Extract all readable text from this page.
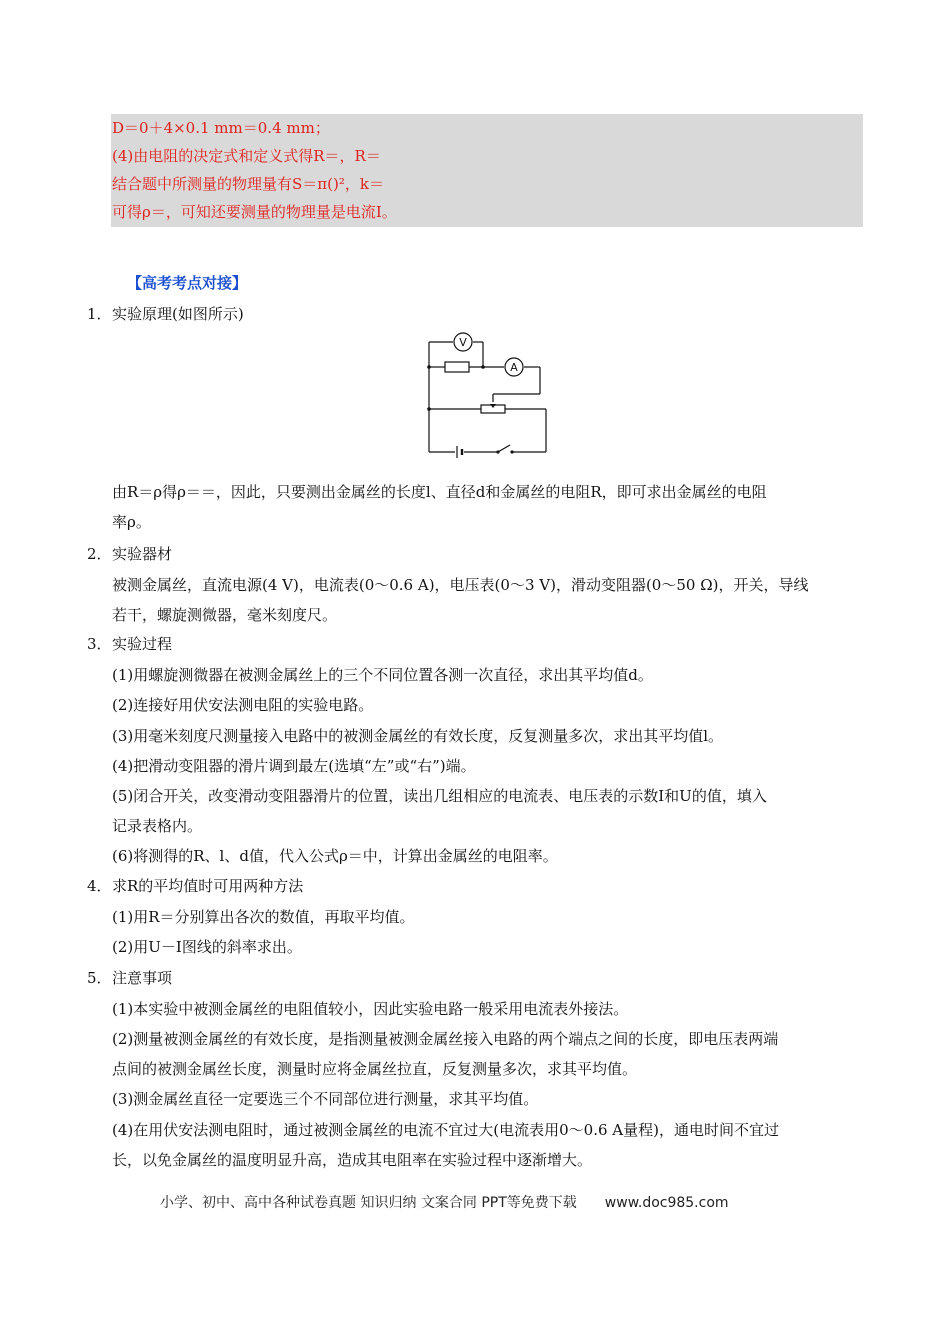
D＝0＋4×0.1 mm＝0.4 mm；
(4)由电阻的决定式和定义式得R＝，R＝
结合题中所测量的物理量有S＝π()²，k＝
可得ρ＝，可知还要测量的物理量是电流I。
【高考考点对接】
1． 实验原理(如图所示)
V
A
由R＝ρ得ρ＝＝，因此，只要测出金属丝的长度l、直径d和金属丝的电阻R，即可求出金属丝的电阻
率ρ。
2． 实验器材
被测金属丝，直流电源(4 V)，电流表(0～0.6 A)，电压表(0～3 V)，滑动变阻器(0～50 Ω)，开关，导线
若干，螺旋测微器，毫米刻度尺。
3． 实验过程
(1)用螺旋测微器在被测金属丝上的三个不同位置各测一次直径，求出其平均值d。
(2)连接好用伏安法测电阻的实验电路。
(3)用毫米刻度尺测量接入电路中的被测金属丝的有效长度，反复测量多次，求出其平均值l。
(4)把滑动变阻器的滑片调到最左(选填“左”或“右”)端。
(5)闭合开关，改变滑动变阻器滑片的位置，读出几组相应的电流表、电压表的示数I和U的值，填入
记录表格内。
(6)将测得的R、l、d值，代入公式ρ＝中，计算出金属丝的电阻率。
4． 求R的平均值时可用两种方法
(1)用R＝分别算出各次的数值，再取平均值。
(2)用U－I图线的斜率求出。
5． 注意事项
(1)本实验中被测金属丝的电阻值较小，因此实验电路一般采用电流表外接法。
(2)测量被测金属丝的有效长度，是指测量被测金属丝接入电路的两个端点之间的长度，即电压表两端
点间的被测金属丝长度，测量时应将金属丝拉直，反复测量多次，求其平均值。
(3)测金属丝直径一定要选三个不同部位进行测量，求其平均值。
(4)在用伏安法测电阻时，通过被测金属丝的电流不宜过大(电流表用0～0.6 A量程)，通电时间不宜过
长，以免金属丝的温度明显升高，造成其电阻率在实验过程中逐渐增大。
小学、初中、高中各种试卷真题 知识归纳 文案合同 PPT等免费下载 www.doc985.com
